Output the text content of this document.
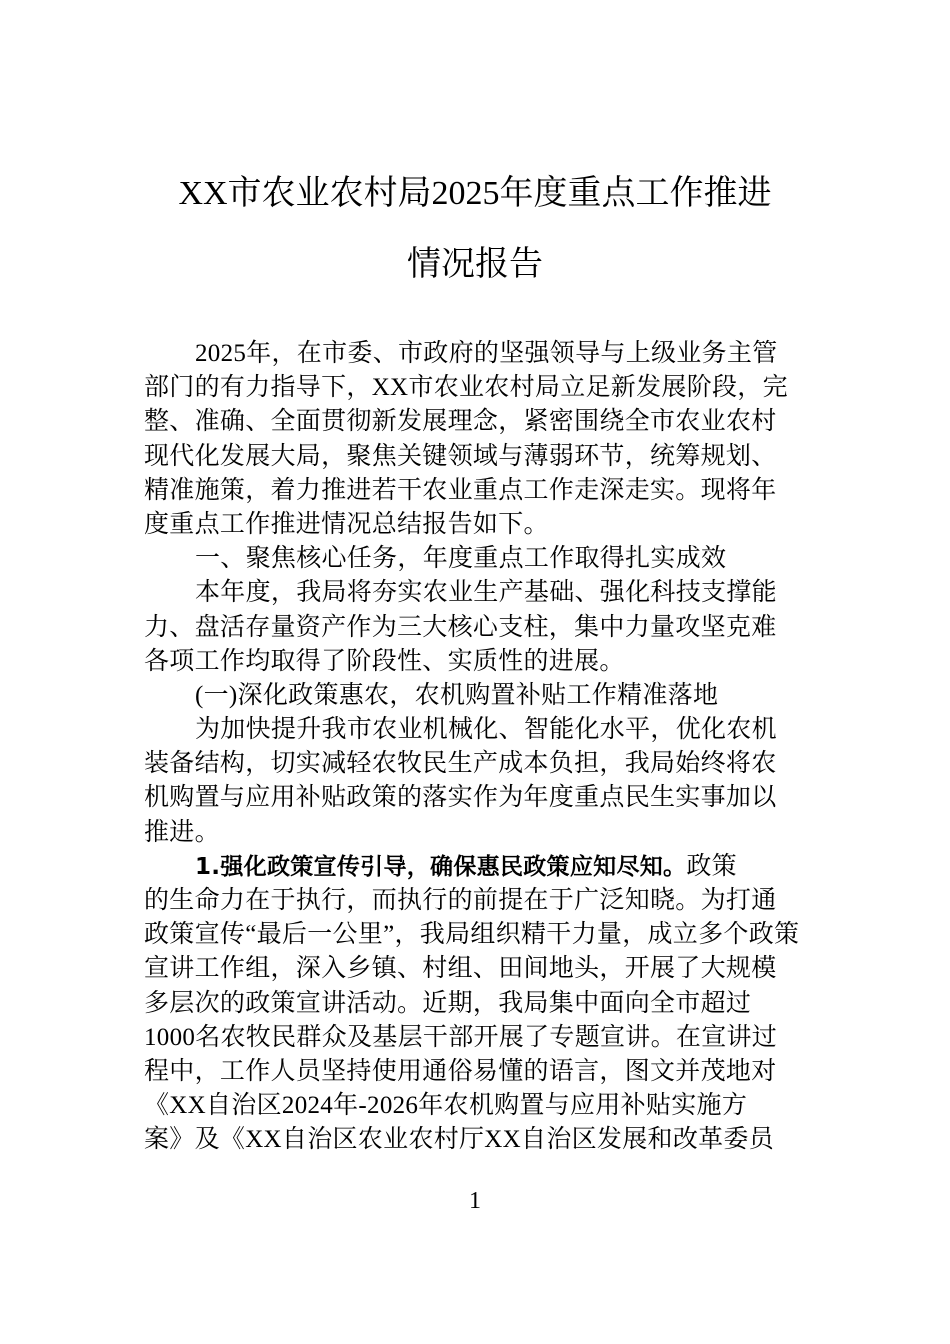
XX市农业农村局2025年度重点工作推进
情况报告
2025年，在市委、市政府的坚强领导与上级业务主管
部门的有力指导下，XX市农业农村局立足新发展阶段，完
整、准确、全面贯彻新发展理念，紧密围绕全市农业农村
现代化发展大局，聚焦关键领域与薄弱环节，统筹规划、
精准施策，着力推进若干农业重点工作走深走实。现将年
度重点工作推进情况总结报告如下。
一、聚焦核心任务，年度重点工作取得扎实成效
本年度，我局将夯实农业生产基础、强化科技支撑能
力、盘活存量资产作为三大核心支柱，集中力量攻坚克难
各项工作均取得了阶段性、实质性的进展。
(一)深化政策惠农，农机购置补贴工作精准落地
为加快提升我市农业机械化、智能化水平，优化农机
装备结构，切实减轻农牧民生产成本负担，我局始终将农
机购置与应用补贴政策的落实作为年度重点民生实事加以
推进。
1.强化政策宣传引导，确保惠民政策应知尽知。政策
的生命力在于执行，而执行的前提在于广泛知晓。为打通
政策宣传“最后一公里”，我局组织精干力量，成立多个政策
宣讲工作组，深入乡镇、村组、田间地头，开展了大规模
多层次的政策宣讲活动。近期，我局集中面向全市超过
1000名农牧民群众及基层干部开展了专题宣讲。在宣讲过
程中，工作人员坚持使用通俗易懂的语言，图文并茂地对
《XX自治区2024年-2026年农机购置与应用补贴实施方
案》及《XX自治区农业农村厅XX自治区发展和改革委员
1
